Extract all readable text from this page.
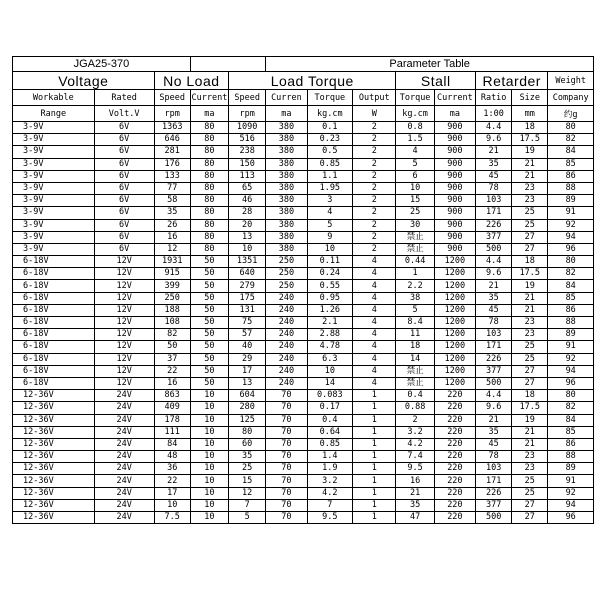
JGA25-370					Parameter Table							
Voltage		No Load		Load Torque				Stall		Retarder		Weight
Workable	Rated	Speed	Current	Speed	Curren	Torque	Output	Torque	Current	Ratio	Size	Company
Range	Volt.V	rpm	ma	rpm	ma	kg.cm	W	kg.cm	ma	1:00	mm	约g
3-9V	6V	1363	80	1090	380	0.1	2	0.8	900	4.4	18	80
3-9V	6V	646	80	516	380	0.23	2	1.5	900	9.6	17.5	82
3-9V	6V	281	80	238	380	0.5	2	4	900	21	19	84
3-9V	6V	176	80	150	380	0.85	2	5	900	35	21	85
3-9V	6V	133	80	113	380	1.1	2	6	900	45	21	86
3-9V	6V	77	80	65	380	1.95	2	10	900	78	23	88
3-9V	6V	58	80	46	380	3	2	15	900	103	23	89
3-9V	6V	35	80	28	380	4	2	25	900	171	25	91
3-9V	6V	26	80	20	380	5	2	30	900	226	25	92
3-9V	6V	16	80	13	380	9	2	禁止	900	377	27	94
3-9V	6V	12	80	10	380	10	2	禁止	900	500	27	96
6-18V	12V	1931	50	1351	250	0.11	4	0.44	1200	4.4	18	80
6-18V	12V	915	50	640	250	0.24	4	1	1200	9.6	17.5	82
6-18V	12V	399	50	279	250	0.55	4	2.2	1200	21	19	84
6-18V	12V	250	50	175	240	0.95	4	38	1200	35	21	85
6-18V	12V	188	50	131	240	1.26	4	5	1200	45	21	86
6-18V	12V	108	50	75	240	2.1	4	8.4	1200	78	23	88
6-18V	12V	82	50	57	240	2.88	4	11	1200	103	23	89
6-18V	12V	50	50	40	240	4.78	4	18	1200	171	25	91
6-18V	12V	37	50	29	240	6.3	4	14	1200	226	25	92
6-18V	12V	22	50	17	240	10	4	禁止	1200	377	27	94
6-18V	12V	16	50	13	240	14	4	禁止	1200	500	27	96
12-36V	24V	863	10	604	70	0.083	1	0.4	220	4.4	18	80
12-36V	24V	409	10	280	70	0.17	1	0.88	220	9.6	17.5	82
12-36V	24V	178	10	125	70	0.4	1	2	220	21	19	84
12-36V	24V	111	10	80	70	0.64	1	3.2	220	35	21	85
12-36V	24V	84	10	60	70	0.85	1	4.2	220	45	21	86
12-36V	24V	48	10	35	70	1.4	1	7.4	220	78	23	88
12-36V	24V	36	10	25	70	1.9	1	9.5	220	103	23	89
12-36V	24V	22	10	15	70	3.2	1	16	220	171	25	91
12-36V	24V	17	10	12	70	4.2	1	21	220	226	25	92
12-36V	24V	10	10	7	70	7	1	35	220	377	27	94
12-36V	24V	7.5	10	5	70	9.5	1	47	220	500	27	96
